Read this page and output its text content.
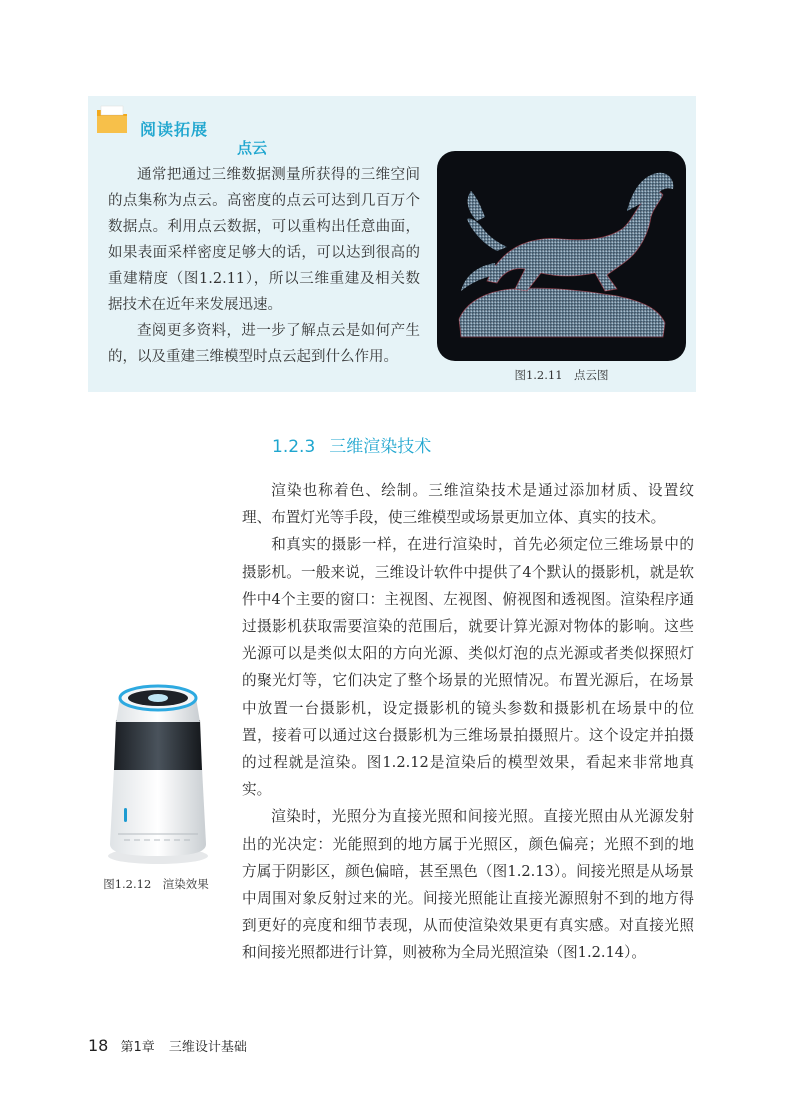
阅读拓展
点云

通常把通过三维数据测量所获得的三维空间的点集称为点云。高密度的点云可达到几百万个数据点。利用点云数据，可以重构出任意曲面，如果表面采样密度足够大的话，可以达到很高的重建精度（图1.2.11），所以三维重建及相关数据技术在近年来发展迅速。

查阅更多资料，进一步了解点云是如何产生的，以及重建三维模型时点云起到什么作用。

图1.2.11　点云图
1.2.3 三维渲染技术

渲染也称着色、绘制。三维渲染技术是通过添加材质、设置纹理、布置灯光等手段，使三维模型或场景更加立体、真实的技术。

和真实的摄影一样，在进行渲染时，首先必须定位三维场景中的摄影机。一般来说，三维设计软件中提供了4个默认的摄影机，就是软件中4个主要的窗口：主视图、左视图、俯视图和透视图。渲染程序通过摄影机获取需要渲染的范围后，就要计算光源对物体的影响。这些光源可以是类似太阳的方向光源、类似灯泡的点光源或者类似探照灯的聚光灯等，它们决定了整个场景的光照情况。布置光源后，在场景中放置一台摄影机，设定摄影机的镜头参数和摄影机在场景中的位置，接着可以通过这台摄影机为三维场景拍摄照片。这个设定并拍摄的过程就是渲染。图1.2.12是渲染后的模型效果，看起来非常地真实。

渲染时，光照分为直接光照和间接光照。直接光照由从光源发射出的光决定：光能照到的地方属于光照区，颜色偏亮；光照不到的地方属于阴影区，颜色偏暗，甚至黑色（图1.2.13）。间接光照是从场景中周围对象反射过来的光。间接光照能让直接光源照射不到的地方得到更好的亮度和细节表现，从而使渲染效果更有真实感。对直接光照和间接光照都进行计算，则被称为全局光照渲染（图1.2.14）。

图1.2.12　渲染效果
18 第1章 三维设计基础
